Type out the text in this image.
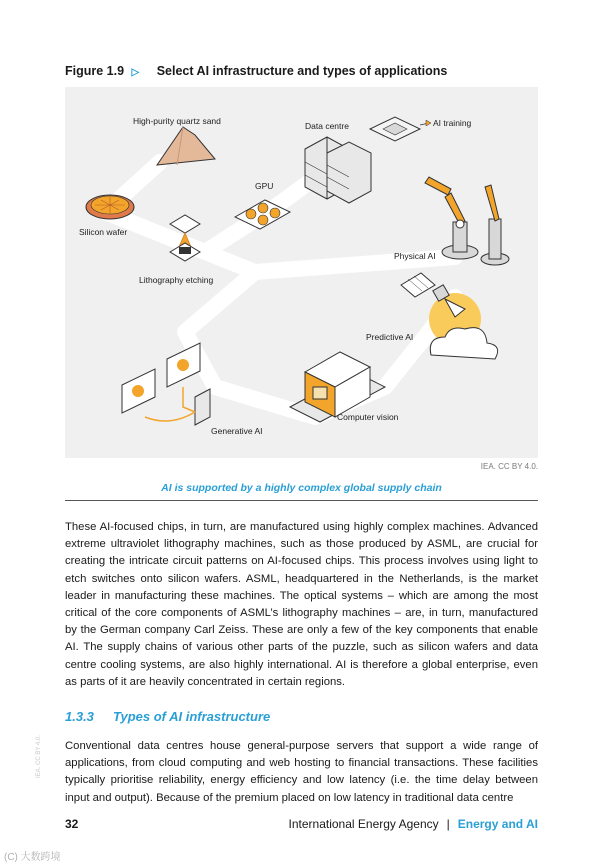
Figure 1.9 ▷ Select AI infrastructure and types of applications
High-purity quartz sand
Silicon wafer
Lithography etching
GPU
Data centre	AI training
Physical AI
Predictive AI
Computer vision
Generative AI
IEA. CC BY 4.0.
AI is supported by a highly complex global supply chain
These AI-focused chips, in turn, are manufactured using highly complex machines. Advanced extreme ultraviolet lithography machines, such as those produced by ASML, are crucial for creating the intricate circuit patterns on AI-focused chips. This process involves using light to etch switches onto silicon wafers. ASML, headquartered in the Netherlands, is the market leader in manufacturing these machines. The optical systems – which are among the most critical of the core components of ASML’s lithography machines – are, in turn, manufactured by the German company Carl Zeiss. These are only a few of the key components that enable AI. The supply chains of various other parts of the puzzle, such as silicon wafers and data centre cooling systems, are also highly international. AI is therefore a global enterprise, even as parts of it are heavily concentrated in certain regions.
1.3.3 Types of AI infrastructure
Conventional data centres house general-purpose servers that support a wide range of applications, from cloud computing and web hosting to financial transactions. These facilities typically prioritise reliability, energy efficiency and low latency (i.e. the time delay between input and output). Because of the premium placed on low latency in traditional data centre
32	International Energy Agency | Energy and AI
IEA. CC BY 4.0.
(C) 大数跨境
